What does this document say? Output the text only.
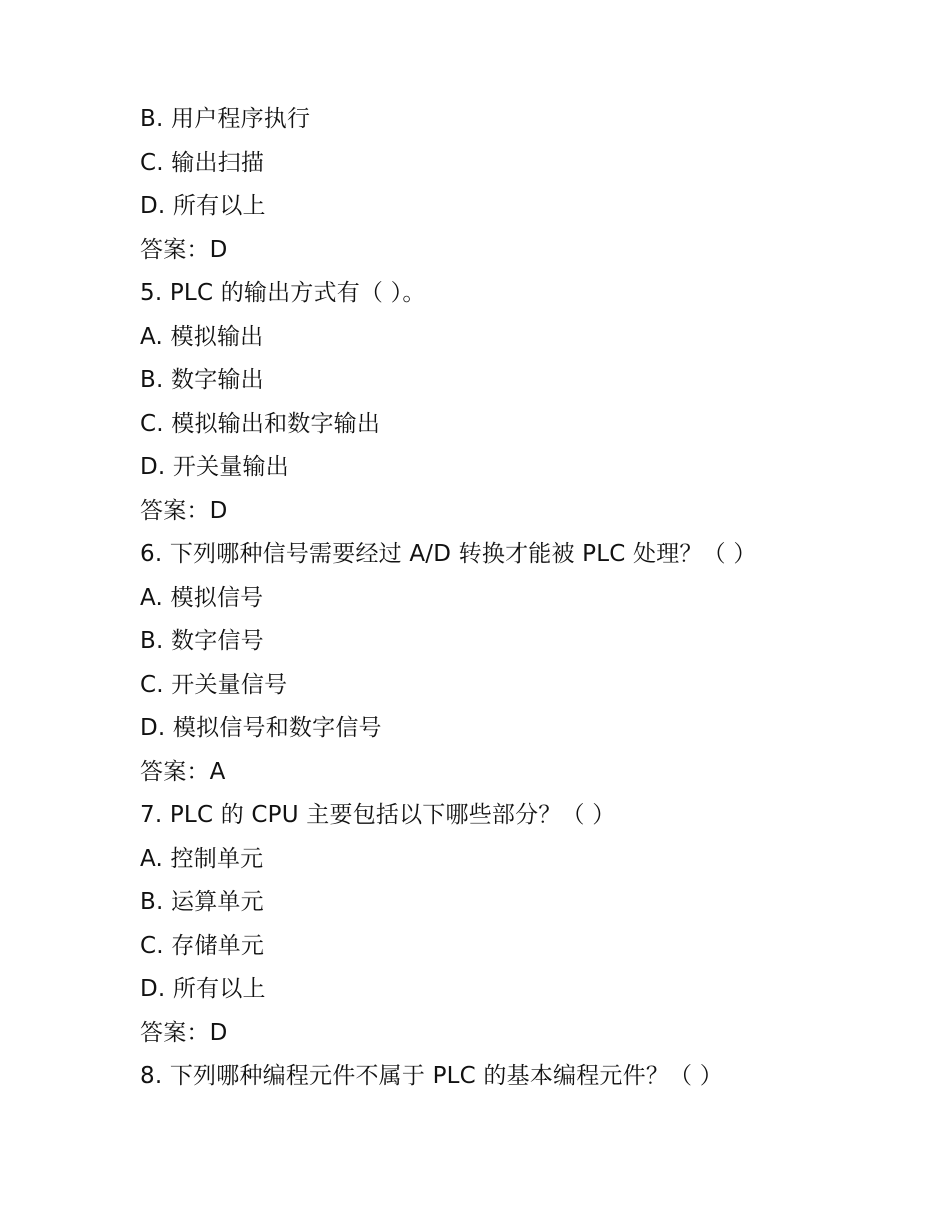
B. 用户程序执行
C. 输出扫描
D. 所有以上
答案：D
5. PLC 的输出方式有（ ）。
A. 模拟输出
B. 数字输出
C. 模拟输出和数字输出
D. 开关量输出
答案：D
6. 下列哪种信号需要经过 A/D 转换才能被 PLC 处理？（ ）
A. 模拟信号
B. 数字信号
C. 开关量信号
D. 模拟信号和数字信号
答案：A
7. PLC 的 CPU 主要包括以下哪些部分？（ ）
A. 控制单元
B. 运算单元
C. 存储单元
D. 所有以上
答案：D
8. 下列哪种编程元件不属于 PLC 的基本编程元件？（ ）
